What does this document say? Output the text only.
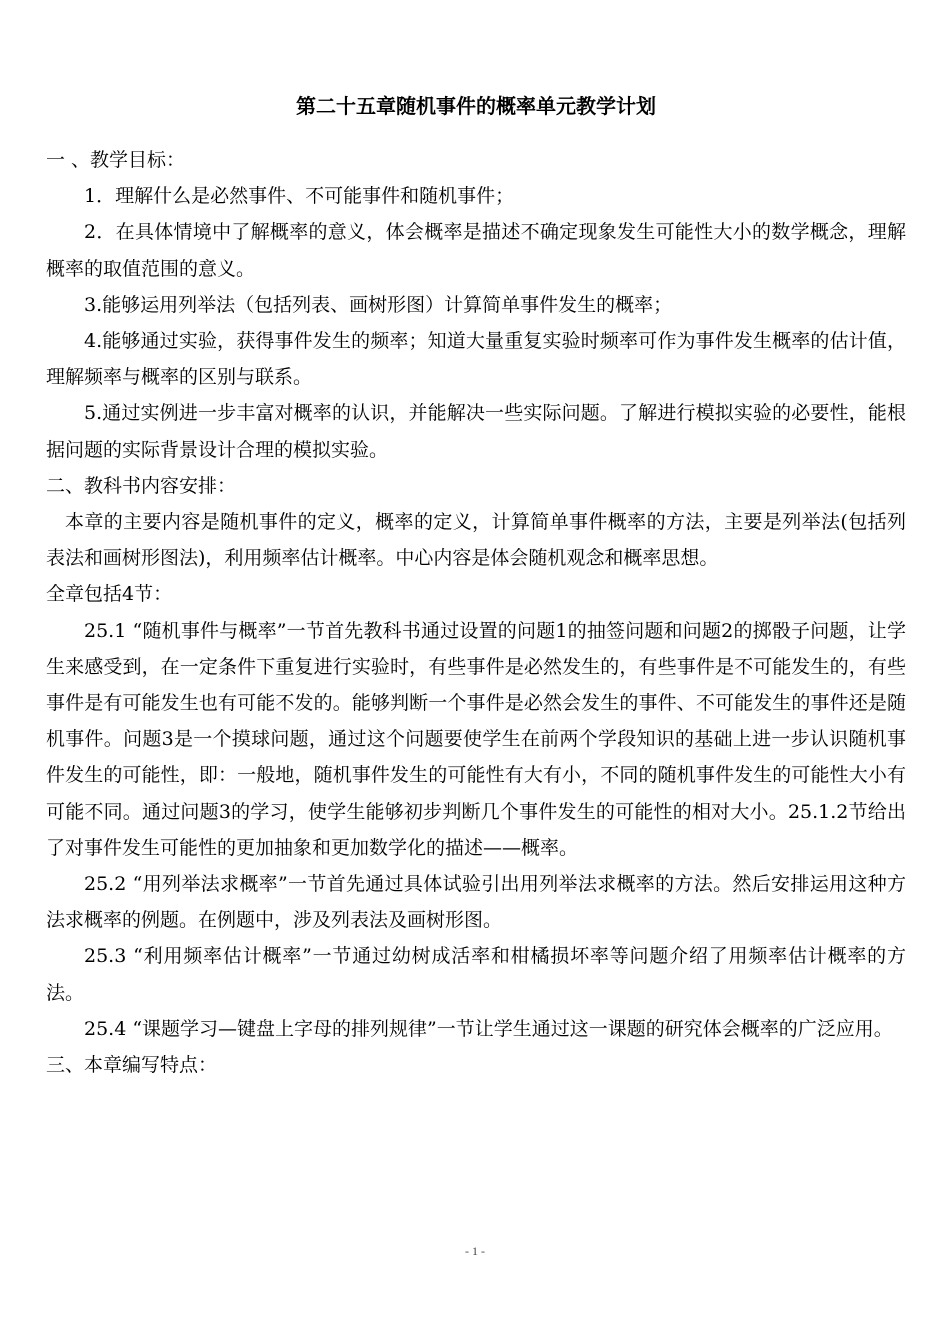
第二十五章随机事件的概率单元教学计划
一 、教学目标：

1．理解什么是必然事件、不可能事件和随机事件；

2．在具体情境中了解概率的意义，体会概率是描述不确定现象发生可能性大小的数学概念，理解概率的取值范围的意义。

3.能够运用列举法（包括列表、画树形图）计算简单事件发生的概率；

4.能够通过实验，获得事件发生的频率；知道大量重复实验时频率可作为事件发生概率的估计值，理解频率与概率的区别与联系。

5.通过实例进一步丰富对概率的认识，并能解决一些实际问题。了解进行模拟实验的必要性，能根据问题的实际背景设计合理的模拟实验。

二、教科书内容安排：

本章的主要内容是随机事件的定义，概率的定义，计算简单事件概率的方法，主要是列举法(包括列表法和画树形图法)，利用频率估计概率。中心内容是体会随机观念和概率思想。

全章包括4节：

25.1 “随机事件与概率”一节首先教科书通过设置的问题1的抽签问题和问题2的掷骰子问题，让学生来感受到，在一定条件下重复进行实验时，有些事件是必然发生的，有些事件是不可能发生的，有些事件是有可能发生也有可能不发的。能够判断一个事件是必然会发生的事件、不可能发生的事件还是随机事件。问题3是一个摸球问题，通过这个问题要使学生在前两个学段知识的基础上进一步认识随机事件发生的可能性，即：一般地，随机事件发生的可能性有大有小，不同的随机事件发生的可能性大小有可能不同。通过问题3的学习，使学生能够初步判断几个事件发生的可能性的相对大小。25.1.2节给出了对事件发生可能性的更加抽象和更加数学化的描述——概率。

25.2 “用列举法求概率”一节首先通过具体试验引出用列举法求概率的方法。然后安排运用这种方法求概率的例题。在例题中，涉及列表法及画树形图。

25.3 “利用频率估计概率”一节通过幼树成活率和柑橘损坏率等问题介绍了用频率估计概率的方法。

25.4 “课题学习—键盘上字母的排列规律”一节让学生通过这一课题的研究体会概率的广泛应用。

三、本章编写特点：
- 1 -
